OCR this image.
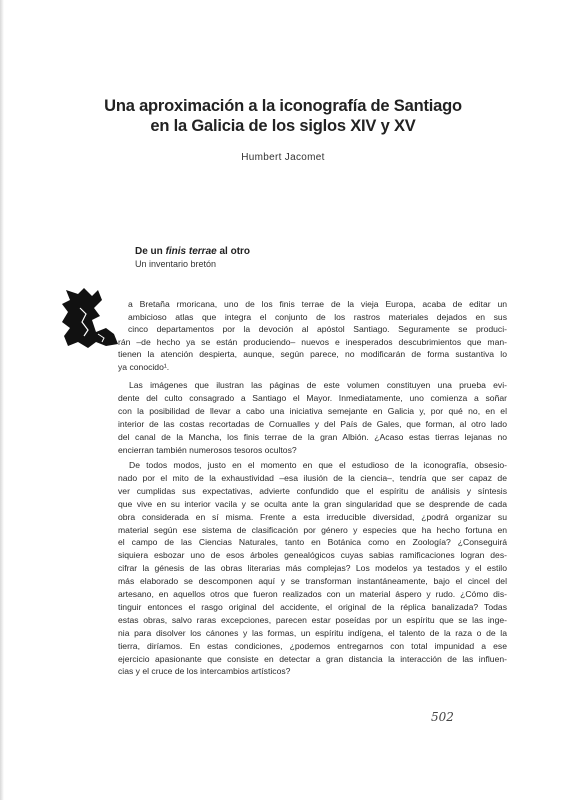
Una aproximación a la iconografía de Santiago
en la Galicia de los siglos XIV y XV
Humbert Jacomet
De un finis terrae al otro
Un inventario bretón
a Bretaña rmoricana, uno de los finis terrae de la vieja Europa, acaba de editar un
ambicioso atlas que integra el conjunto de los rastros materiales dejados en sus
cinco departamentos por la devoción al apóstol Santiago. Seguramente se produci-
rán –de hecho ya se están produciendo– nuevos e inesperados descubrimientos que man-
tienen la atención despierta, aunque, según parece, no modificarán de forma sustantiva lo
ya conocido¹.
Las imágenes que ilustran las páginas de este volumen constituyen una prueba evi-
dente del culto consagrado a Santiago el Mayor. Inmediatamente, uno comienza a soñar
con la posibilidad de llevar a cabo una iniciativa semejante en Galicia y, por qué no, en el
interior de las costas recortadas de Cornualles y del País de Gales, que forman, al otro lado
del canal de la Mancha, los finis terrae de la gran Albión. ¿Acaso estas tierras lejanas no
encierran también numerosos tesoros ocultos?
De todos modos, justo en el momento en que el estudioso de la iconografía, obsesio-
nado por el mito de la exhaustividad –esa ilusión de la ciencia–, tendría que ser capaz de
ver cumplidas sus expectativas, advierte confundido que el espíritu de análisis y síntesis
que vive en su interior vacila y se oculta ante la gran singularidad que se desprende de cada
obra considerada en sí misma. Frente a esta irreducible diversidad, ¿podrá organizar su
material según ese sistema de clasificación por género y especies que ha hecho fortuna en
el campo de las Ciencias Naturales, tanto en Botánica como en Zoología? ¿Conseguirá
siquiera esbozar uno de esos árboles genealógicos cuyas sabias ramificaciones logran des-
cifrar la génesis de las obras literarias más complejas? Los modelos ya testados y el estilo
más elaborado se descomponen aquí y se transforman instantáneamente, bajo el cincel del
artesano, en aquellos otros que fueron realizados con un material áspero y rudo. ¿Cómo dis-
tinguir entonces el rasgo original del accidente, el original de la réplica banalizada? Todas
estas obras, salvo raras excepciones, parecen estar poseídas por un espíritu que se las inge-
nia para disolver los cánones y las formas, un espíritu indígena, el talento de la raza o de la
tierra, diríamos. En estas condiciones, ¿podemos entregarnos con total impunidad a ese
ejercicio apasionante que consiste en detectar a gran distancia la interacción de las influen-
cias y el cruce de los intercambios artísticos?
502
